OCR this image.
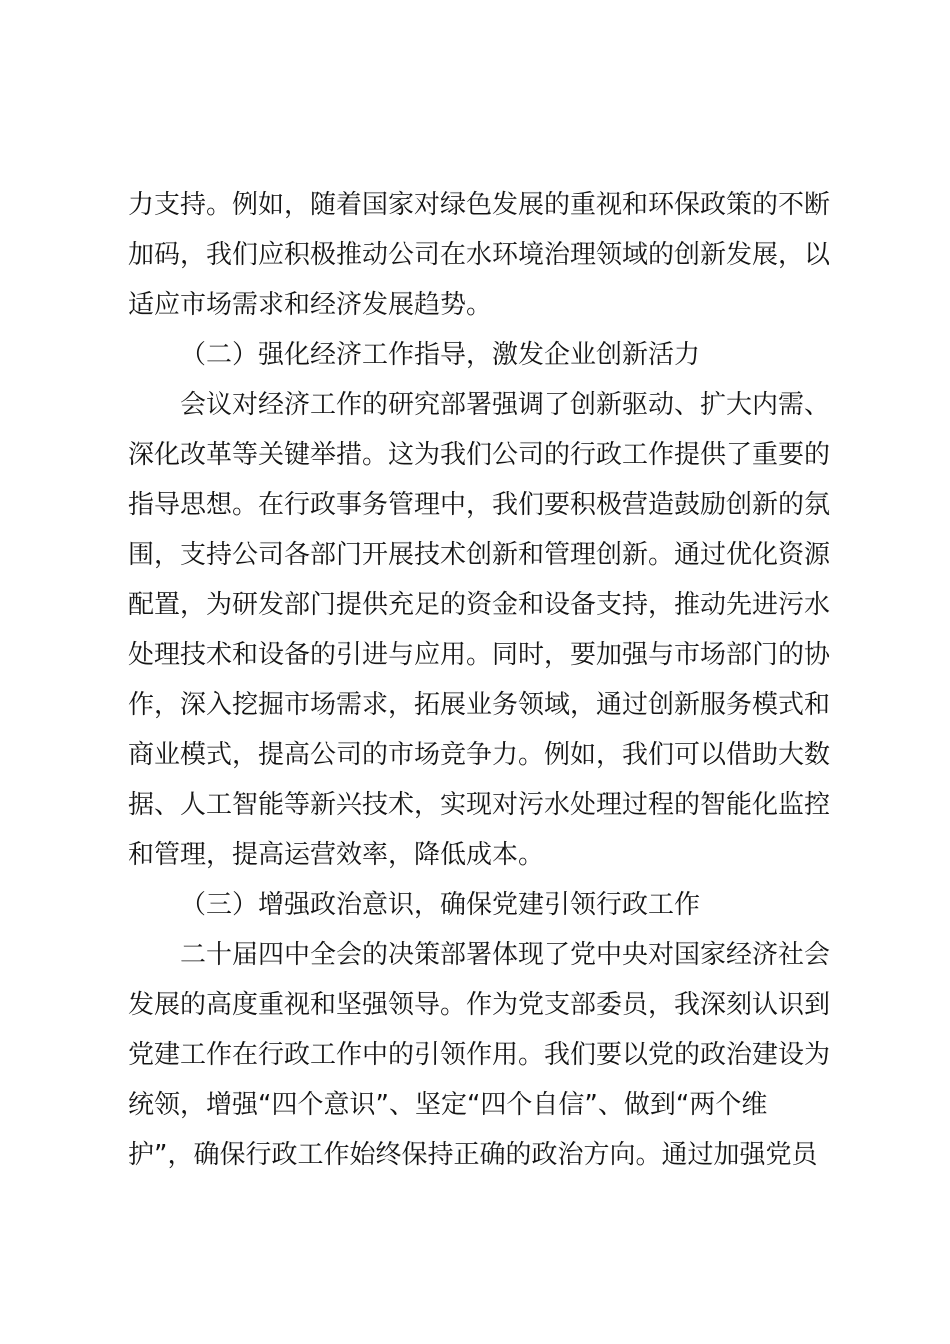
力支持。例如，随着国家对绿色发展的重视和环保政策的不断
加码，我们应积极推动公司在水环境治理领域的创新发展，以
适应市场需求和经济发展趋势。
（二）强化经济工作指导，激发企业创新活力
会议对经济工作的研究部署强调了创新驱动、扩大内需、
深化改革等关键举措。这为我们公司的行政工作提供了重要的
指导思想。在行政事务管理中，我们要积极营造鼓励创新的氛
围，支持公司各部门开展技术创新和管理创新。通过优化资源
配置，为研发部门提供充足的资金和设备支持，推动先进污水
处理技术和设备的引进与应用。同时，要加强与市场部门的协
作，深入挖掘市场需求，拓展业务领域，通过创新服务模式和
商业模式，提高公司的市场竞争力。例如，我们可以借助大数
据、人工智能等新兴技术，实现对污水处理过程的智能化监控
和管理，提高运营效率，降低成本。
（三）增强政治意识，确保党建引领行政工作
二十届四中全会的决策部署体现了党中央对国家经济社会
发展的高度重视和坚强领导。作为党支部委员，我深刻认识到
党建工作在行政工作中的引领作用。我们要以党的政治建设为
统领，增强“四个意识”、坚定“四个自信”、做到“两个维
护”，确保行政工作始终保持正确的政治方向。通过加强党员
